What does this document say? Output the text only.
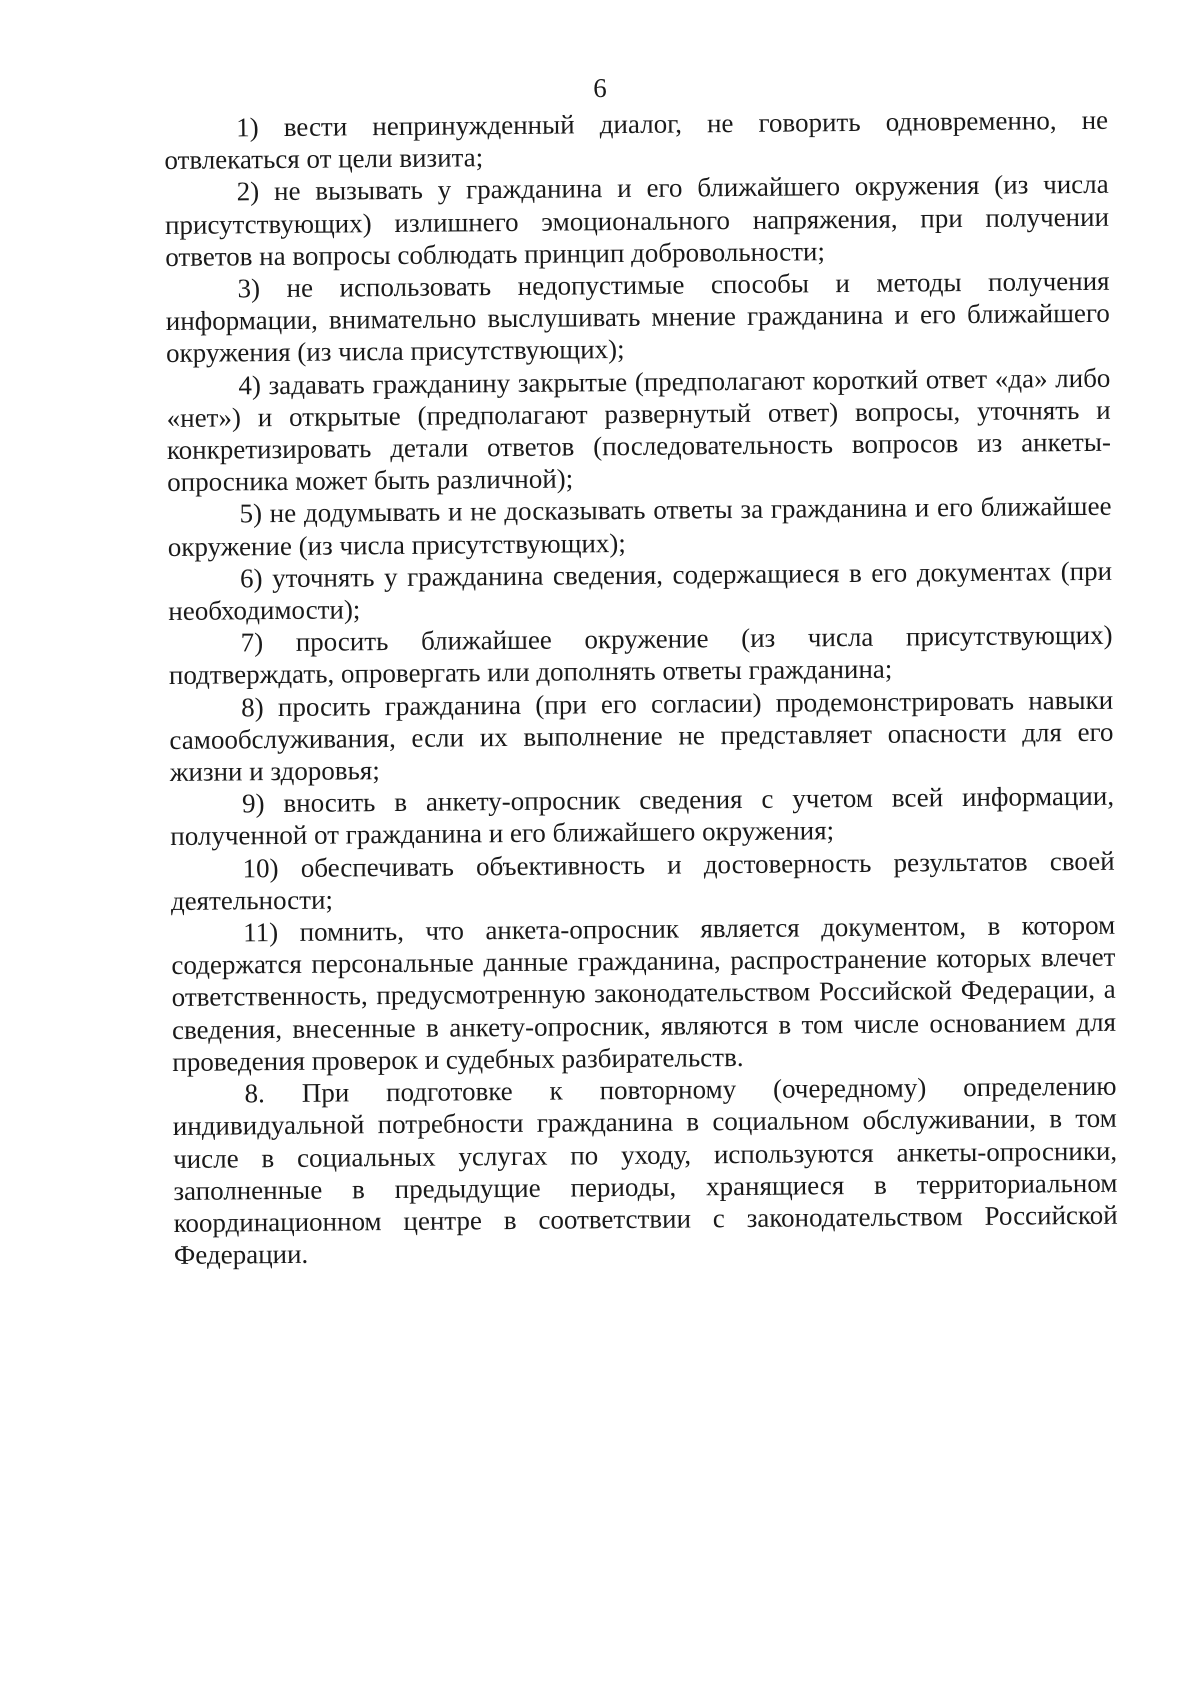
6

1) вести непринужденный диалог, не говорить одновременно, не отвлекаться от цели визита;

2) не вызывать у гражданина и его ближайшего окружения (из числа присутствующих) излишнего эмоционального напряжения, при получении ответов на вопросы соблюдать принцип добровольности;

3) не использовать недопустимые способы и методы получения информации, внимательно выслушивать мнение гражданина и его ближайшего окружения (из числа присутствующих);

4) задавать гражданину закрытые (предполагают короткий ответ «да» либо «нет») и открытые (предполагают развернутый ответ) вопросы, уточнять и конкретизировать детали ответов (последовательность вопросов из анкеты-опросника может быть различной);

5) не додумывать и не досказывать ответы за гражданина и его ближайшее окружение (из числа присутствующих);

6) уточнять у гражданина сведения, содержащиеся в его документах (при необходимости);

7) просить ближайшее окружение (из числа присутствующих) подтверждать, опровергать или дополнять ответы гражданина;

8) просить гражданина (при его согласии) продемонстрировать навыки самообслуживания, если их выполнение не представляет опасности для его жизни и здоровья;

9) вносить в анкету-опросник сведения с учетом всей информации, полученной от гражданина и его ближайшего окружения;

10) обеспечивать объективность и достоверность результатов своей деятельности;

11) помнить, что анкета-опросник является документом, в котором содержатся персональные данные гражданина, распространение которых влечет ответственность, предусмотренную законодательством Российской Федерации, а сведения, внесенные в анкету-опросник, являются в том числе основанием для проведения проверок и судебных разбирательств.

8. При подготовке к повторному (очередному) определению индивидуальной потребности гражданина в социальном обслуживании, в том числе в социальных услугах по уходу, используются анкеты-опросники, заполненные в предыдущие периоды, хранящиеся в территориальном координационном центре в соответствии с законодательством Российской Федерации.
